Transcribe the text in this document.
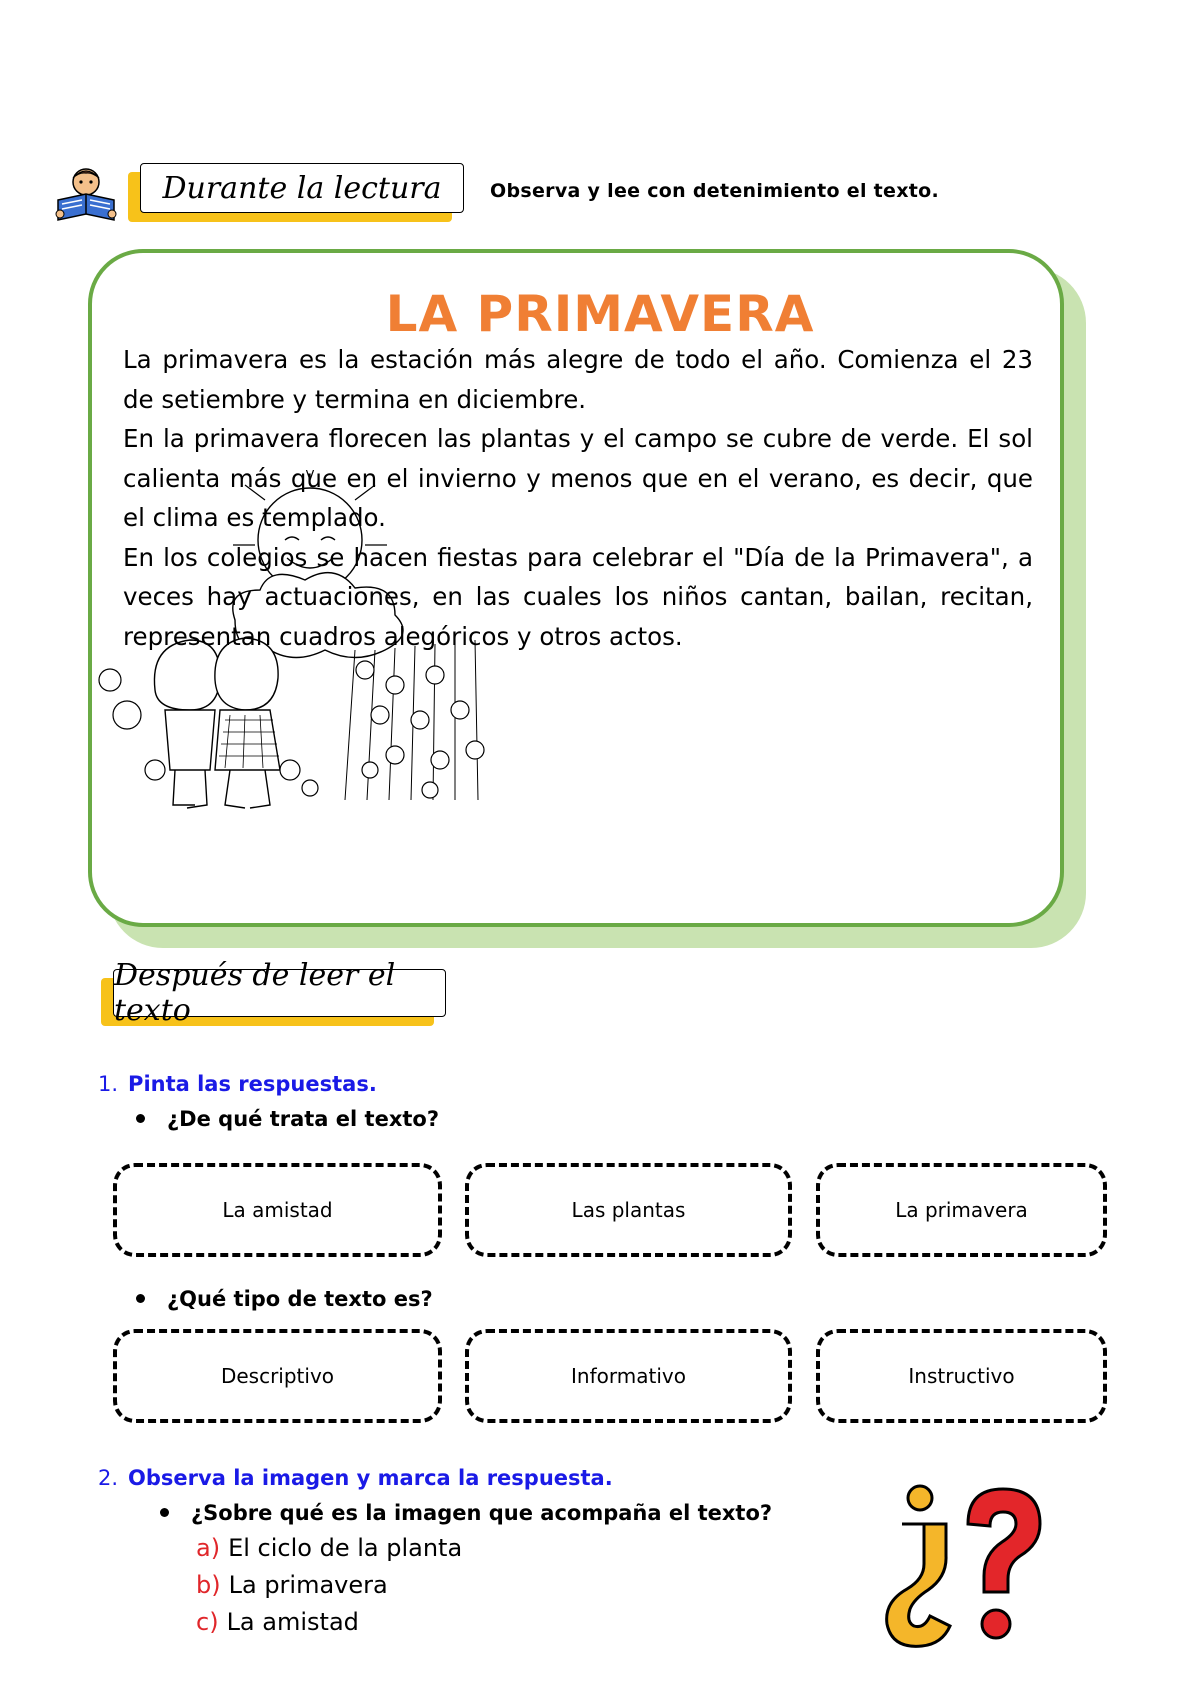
Durante la lectura	Observa y lee con detenimiento el texto.
LA PRIMAVERA

La primavera es la estación más alegre de todo el año. Comienza el 23 de setiembre y termina en diciembre.

En la primavera florecen las plantas y el campo se cubre de verde. El sol calienta más que en el invierno y menos que en el verano, es decir, que el clima es templado.

En los colegios se hacen fiestas para celebrar el "Día de la Primavera", a veces hay actuaciones, en las cuales los niños cantan, bailan, recitan, representan cuadros alegóricos y otros actos.

Después de leer el texto
1. Pinta las respuestas.
¿De qué trata el texto?
La amistad	Las plantas	La primavera
¿Qué tipo de texto es?
Descriptivo	Informativo	Instructivo
2. Observa la imagen y marca la respuesta.
¿Sobre qué es la imagen que acompaña el texto?
a) El ciclo de la planta
b) La primavera
c) La amistad
